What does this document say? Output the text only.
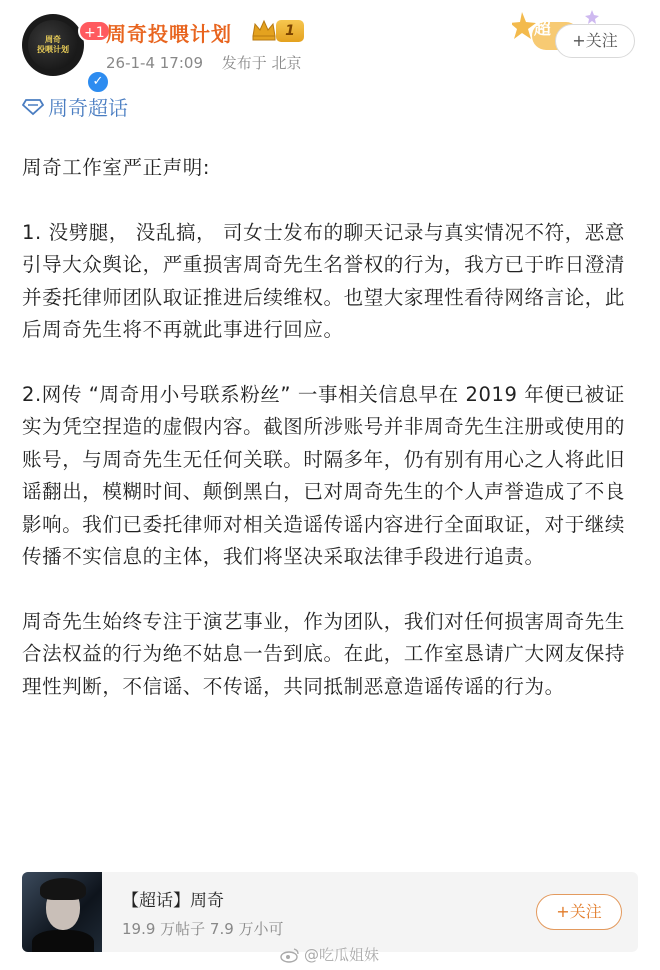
周奇
投喂计划
+1
✓
周奇投喂计划	1
26-1-4 17:09 发布于 北京
超
+关注
周奇超话

周奇工作室严正声明:

1. 没劈腿， 没乱搞， 司女士发布的聊天记录与真实情况不符，恶意引导大众舆论，严重损害周奇先生名誉权的行为，我方已于昨日澄清并委托律师团队取证推进后续维权。也望大家理性看待网络言论，此后周奇先生将不再就此事进行回应。

2.网传 “周奇用小号联系粉丝” 一事相关信息早在 2019 年便已被证实为凭空捏造的虚假内容。截图所涉账号并非周奇先生注册或使用的账号，与周奇先生无任何关联。时隔多年，仍有别有用心之人将此旧谣翻出，模糊时间、颠倒黑白，已对周奇先生的个人声誉造成了不良影响。我们已委托律师对相关造谣传谣内容进行全面取证，对于继续传播不实信息的主体，我们将坚决采取法律手段进行追责。

周奇先生始终专注于演艺事业，作为团队，我们对任何损害周奇先生合法权益的行为绝不姑息一告到底。在此，工作室恳请广大网友保持理性判断，不信谣、不传谣，共同抵制恶意造谣传谣的行为。

【超话】周奇
19.9 万帖子 7.9 万小可
+关注
@吃瓜姐妹
